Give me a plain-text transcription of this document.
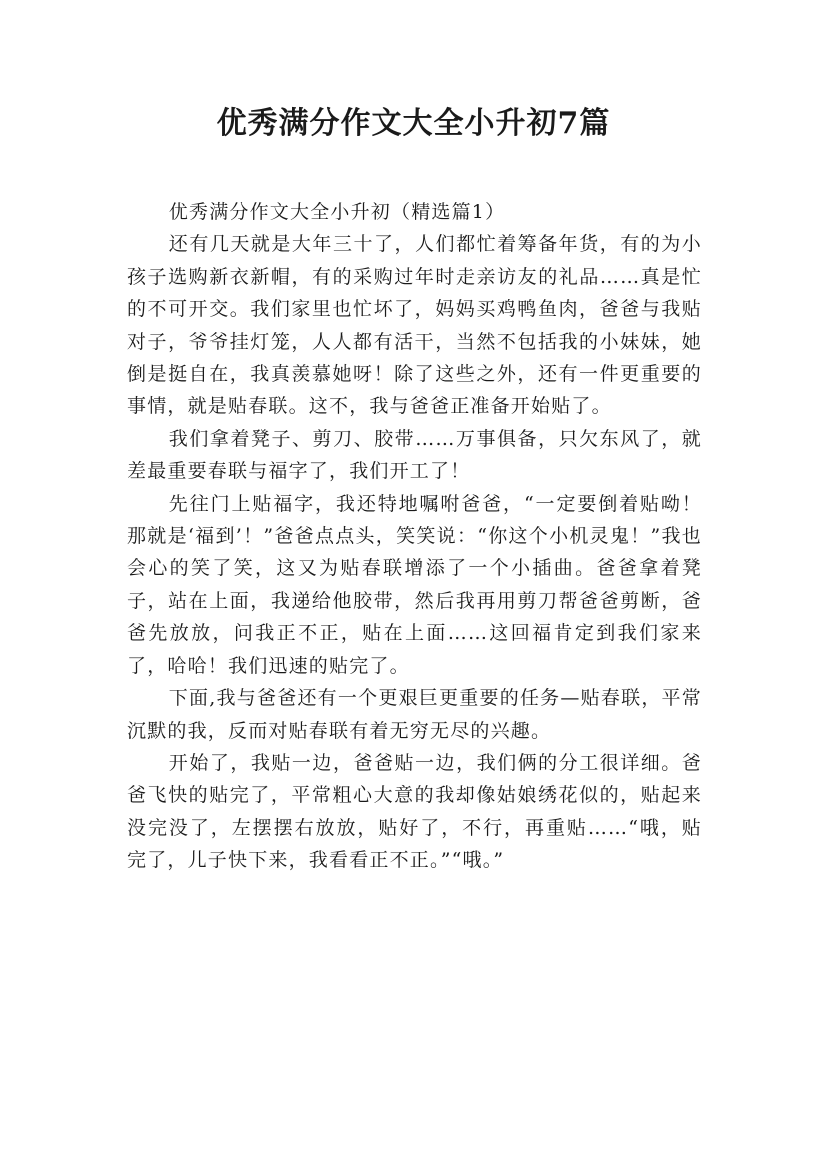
优秀满分作文大全小升初7篇

优秀满分作文大全小升初（精选篇1）

还有几天就是大年三十了，人们都忙着筹备年货，有的为小孩子选购新衣新帽，有的采购过年时走亲访友的礼品……真是忙的不可开交。我们家里也忙坏了，妈妈买鸡鸭鱼肉，爸爸与我贴对子，爷爷挂灯笼，人人都有活干，当然不包括我的小妹妹，她倒是挺自在，我真羡慕她呀！除了这些之外，还有一件更重要的事情，就是贴春联。这不，我与爸爸正准备开始贴了。

我们拿着凳子、剪刀、胶带……万事俱备，只欠东风了，就差最重要春联与福字了，我们开工了！

先往门上贴福字，我还特地嘱咐爸爸，“一定要倒着贴呦！那就是‘福到’！”爸爸点点头，笑笑说：“你这个小机灵鬼！”我也会心的笑了笑，这又为贴春联增添了一个小插曲。爸爸拿着凳子，站在上面，我递给他胶带，然后我再用剪刀帮爸爸剪断，爸爸先放放，问我正不正，贴在上面……这回福肯定到我们家来了，哈哈！我们迅速的贴完了。

下面,我与爸爸还有一个更艰巨更重要的任务—贴春联，平常沉默的我，反而对贴春联有着无穷无尽的兴趣。

开始了，我贴一边，爸爸贴一边，我们俩的分工很详细。爸爸飞快的贴完了，平常粗心大意的我却像姑娘绣花似的，贴起来没完没了，左摆摆右放放，贴好了，不行，再重贴……“哦，贴完了，儿子快下来，我看看正不正。”“哦。”
